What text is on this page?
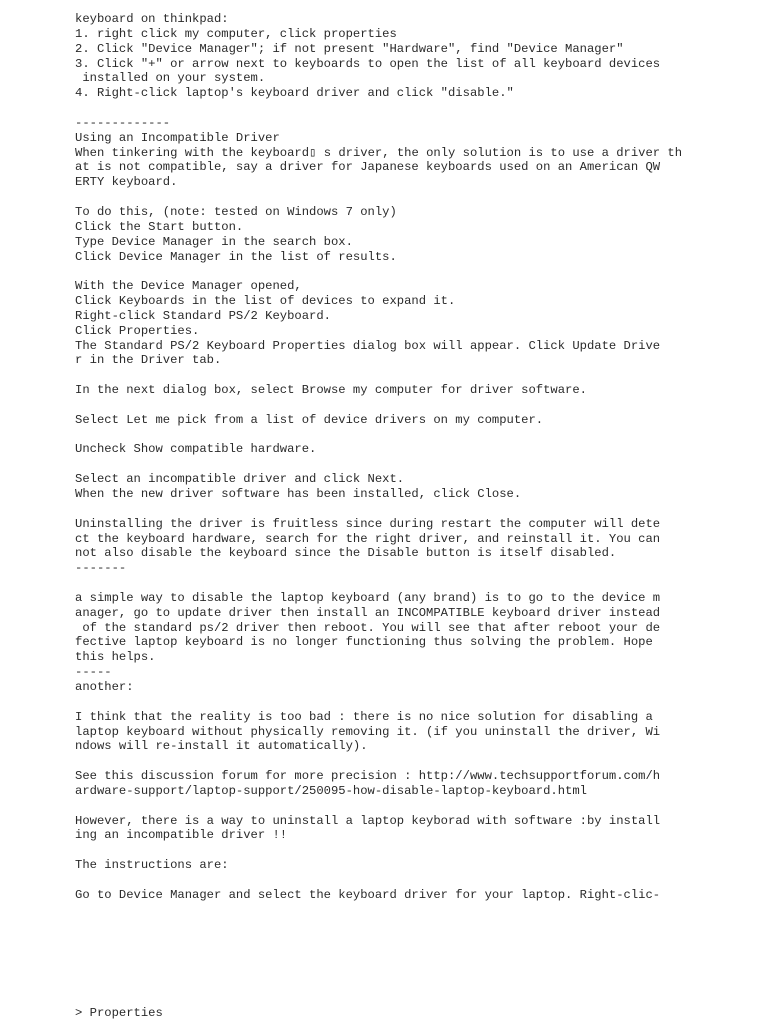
keyboard on thinkpad:
1. right click my computer, click properties
2. Click "Device Manager"; if not present "Hardware", find "Device Manager"
3. Click "+" or arrow next to keyboards to open the list of all keyboard devices
installed on your system.
4. Right-click laptop's keyboard driver and click "disable."
-------------
Using an Incompatible Driver
When tinkering with the keyboard▯ s driver, the only solution is to use a driver th
at is not compatible, say a driver for Japanese keyboards used on an American QW
ERTY keyboard.
To do this, (note: tested on Windows 7 only)
Click the Start button.
Type Device Manager in the search box.
Click Device Manager in the list of results.
With the Device Manager opened,
Click Keyboards in the list of devices to expand it.
Right-click Standard PS/2 Keyboard.
Click Properties.
The Standard PS/2 Keyboard Properties dialog box will appear. Click Update Drive
r in the Driver tab.
In the next dialog box, select Browse my computer for driver software.
Select Let me pick from a list of device drivers on my computer.
Uncheck Show compatible hardware.
Select an incompatible driver and click Next.
When the new driver software has been installed, click Close.
Uninstalling the driver is fruitless since during restart the computer will dete
ct the keyboard hardware, search for the right driver, and reinstall it. You can
not also disable the keyboard since the Disable button is itself disabled.
-------
a simple way to disable the laptop keyboard (any brand) is to go to the device m
anager, go to update driver then install an INCOMPATIBLE keyboard driver instead
of the standard ps/2 driver then reboot. You will see that after reboot your de
fective laptop keyboard is no longer functioning thus solving the problem. Hope
this helps.
-----
another:
I think that the reality is too bad : there is no nice solution for disabling a
laptop keyboard without physically removing it. (if you uninstall the driver, Wi
ndows will re-install it automatically).
See this discussion forum for more precision : http://www.techsupportforum.com/h
ardware-support/laptop-support/250095-how-disable-laptop-keyboard.html
However, there is a way to uninstall a laptop keyborad with software :by install
ing an incompatible driver !!
The instructions are:
Go to Device Manager and select the keyboard driver for your laptop. Right-clic-
> Properties
